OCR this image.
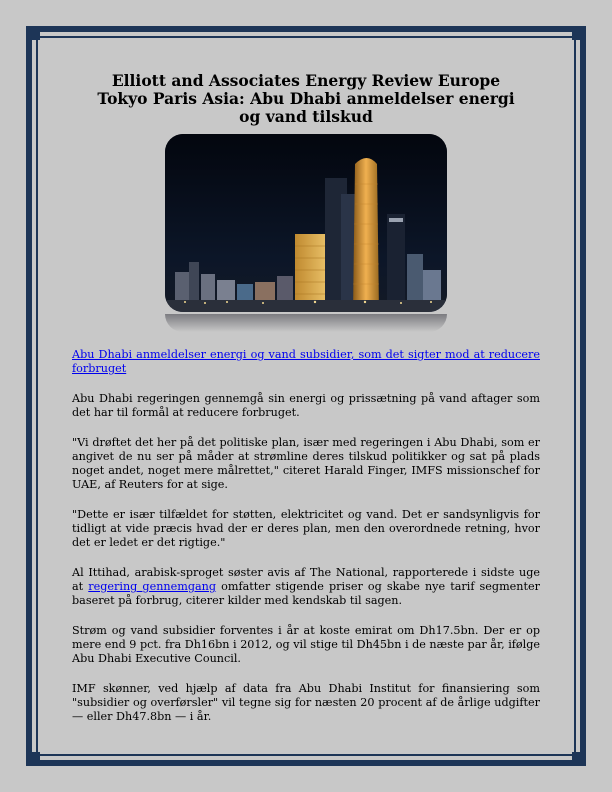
Elliott and Associates Energy Review Europe Tokyo Paris Asia: Abu Dhabi anmeldelser energi og vand tilskud
Abu Dhabi anmeldelser energi og vand subsidier, som det sigter mod at reducere forbruget

Abu Dhabi regeringen gennemgå sin energi og prissætning på vand aftager som det har til formål at reducere forbruget.

"Vi drøftet det her på det politiske plan, især med regeringen i Abu Dhabi, som er angivet de nu ser på måder at strømline deres tilskud politikker og sat på plads noget andet, noget mere målrettet," citeret Harald Finger, IMFS missionschef for UAE, af Reuters for at sige.

"Dette er især tilfældet for støtten, elektricitet og vand. Det er sandsynligvis for tidligt at vide præcis hvad der er deres plan, men den overordnede retning, hvor det er ledet er det rigtige."

Al Ittihad, arabisk-sproget søster avis af The National, rapporterede i sidste uge at regering gennemgang omfatter stigende priser og skabe nye tarif segmenter baseret på forbrug, citerer kilder med kendskab til sagen.

Strøm og vand subsidier forventes i år at koste emirat om Dh17.5bn. Der er op mere end 9 pct. fra Dh16bn i 2012, og vil stige til Dh45bn i de næste par år, ifølge Abu Dhabi Executive Council.

IMF skønner, ved hjælp af data fra Abu Dhabi Institut for finansiering som "subsidier og overførsler" vil tegne sig for næsten 20 procent af de årlige udgifter — eller Dh47.8bn — i år.
